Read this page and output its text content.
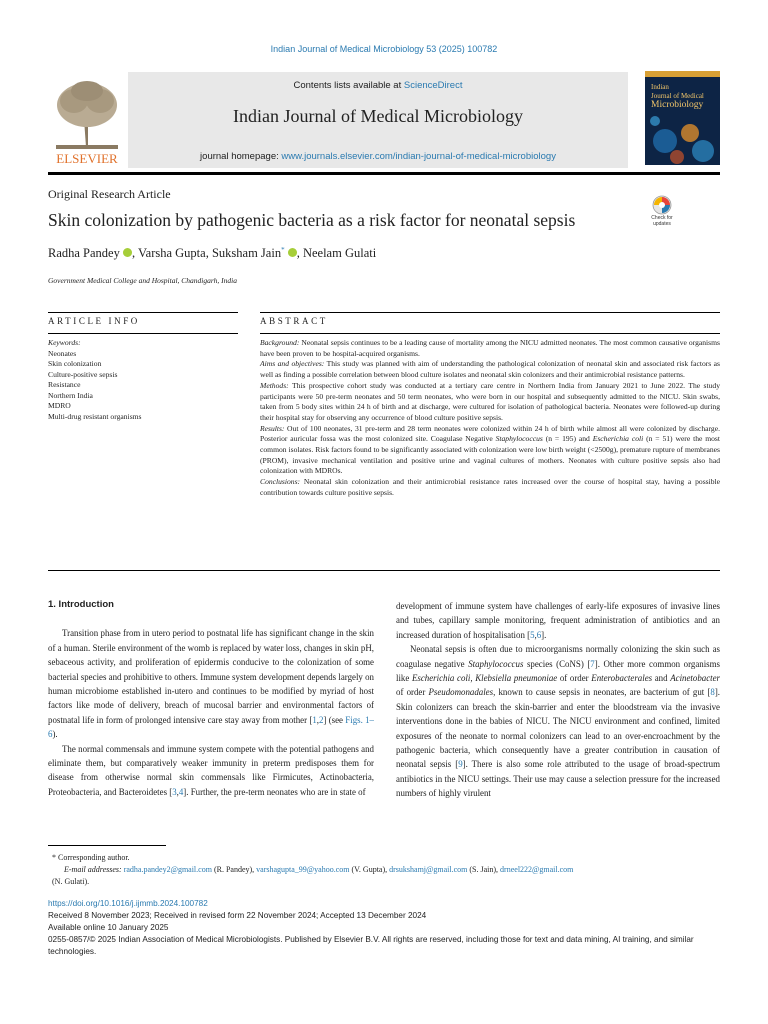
Indian Journal of Medical Microbiology 53 (2025) 100782
ELSEVIER
Contents lists available at ScienceDirect
Indian Journal of Medical Microbiology
journal homepage: www.journals.elsevier.com/indian-journal-of-medical-microbiology
Indian
Journal of Medical
Microbiology
Original Research Article
Skin colonization by pathogenic bacteria as a risk factor for neonatal sepsis	Check for
updates
Radha Pandey , Varsha Gupta, Suksham Jain* , Neelam Gulati
Government Medical College and Hospital, Chandigarh, India
ARTICLE INFO	ABSTRACT
Keywords:
Neonates
Skin colonization
Culture-positive sepsis
Resistance
Northern India
MDRO
Multi-drug resistant organisms

Background: Neonatal sepsis continues to be a leading cause of mortality among the NICU admitted neonates. The most common causative organisms have been proven to be hospital-acquired organisms.

Aims and objectives: This study was planned with aim of understanding the pathological colonization of neonatal skin and associated risk factors as well as finding a possible correlation between blood culture isolates and neonatal skin colonizers and their antimicrobial resistance patterns.

Methods: This prospective cohort study was conducted at a tertiary care centre in Northern India from January 2021 to June 2022. The study participants were 50 pre-term neonates and 50 term neonates, who were born in our hospital and subsequently admitted to the NICU. Skin swabs, taken from 5 body sites within 24 h of birth and at discharge, were cultured for isolation of pathological bacteria. Neonates were followed-up during their hospital stay for observing any occurrence of blood culture positive sepsis.

Results: Out of 100 neonates, 31 pre-term and 28 term neonates were colonized within 24 h of birth while almost all were colonized by discharge. Posterior auricular fossa was the most colonized site. Coagulase Negative Staphylococcus (n = 195) and Escherichia coli (n = 51) were the most common isolates. Risk factors found to be significantly associated with colonization were low birth weight (<2500g), premature rupture of membranes (PROM), invasive mechanical ventilation and positive urine and vaginal cultures of mothers. Neonates with culture positive sepsis also had colonization with MDROs.

Conclusions: Neonatal skin colonization and their antimicrobial resistance rates increased over the course of hospital stay, having a possible contribution towards culture positive sepsis.

1. Introduction

Transition phase from in utero period to postnatal life has significant change in the skin of a human. Sterile environment of the womb is replaced by water loss, changes in skin pH, sebaceous activity, and proliferation of epidermis conducive to the colonization of some bacterial species and prohibitive to others. Immune system development depends largely on human microbiome established in-utero and continues to be modified by myriad of host factors like mode of delivery, breach of mucosal barrier and environmental factors of postnatal life in form of prolonged intensive care stay away from mother [1,2] (see Figs. 1–6).

The normal commensals and immune system compete with the potential pathogens and eliminate them, but comparatively weaker immunity in preterm predisposes them for disease from otherwise normal skin commensals like Firmicutes, Actinobacteria, Proteobacteria, and Bacteroidetes [3,4]. Further, the pre-term neonates who are in state of

development of immune system have challenges of early-life exposures of invasive lines and tubes, capillary sample monitoring, frequent administration of antibiotics and an increased duration of hospitalisation [5,6].

Neonatal sepsis is often due to microorganisms normally colonizing the skin such as coagulase negative Staphylococcus species (CoNS) [7]. Other more common organisms like Escherichia coli, Klebsiella pneumoniae of order Enterobacterales and Acinetobacter of order Pseudomonadales, known to cause sepsis in neonates, are bacterium of gut [8]. Skin colonizers can breach the skin-barrier and enter the bloodstream via the invasive interventions done in the babies of NICU. The NICU environment and confined, limited exposures of the neonate to normal colonizers can lead to an over-encroachment by the pathogenic bacteria, which consequently have a greater contribution in causation of neonatal sepsis [9]. There is also some role attributed to the usage of broad-spectrum antibiotics in the NICU settings. Their use may cause a selection pressure for the increased numbers of highly virulent

* Corresponding author.
E-mail addresses: radha.pandey2@gmail.com (R. Pandey), varshagupta_99@yahoo.com (V. Gupta), drsukshamj@gmail.com (S. Jain), drneel222@gmail.com
(N. Gulati).
https://doi.org/10.1016/j.ijmmb.2024.100782
Received 8 November 2023; Received in revised form 22 November 2024; Accepted 13 December 2024
Available online 10 January 2025
0255-0857/© 2025 Indian Association of Medical Microbiologists. Published by Elsevier B.V. All rights are reserved, including those for text and data mining, AI training, and similar technologies.
